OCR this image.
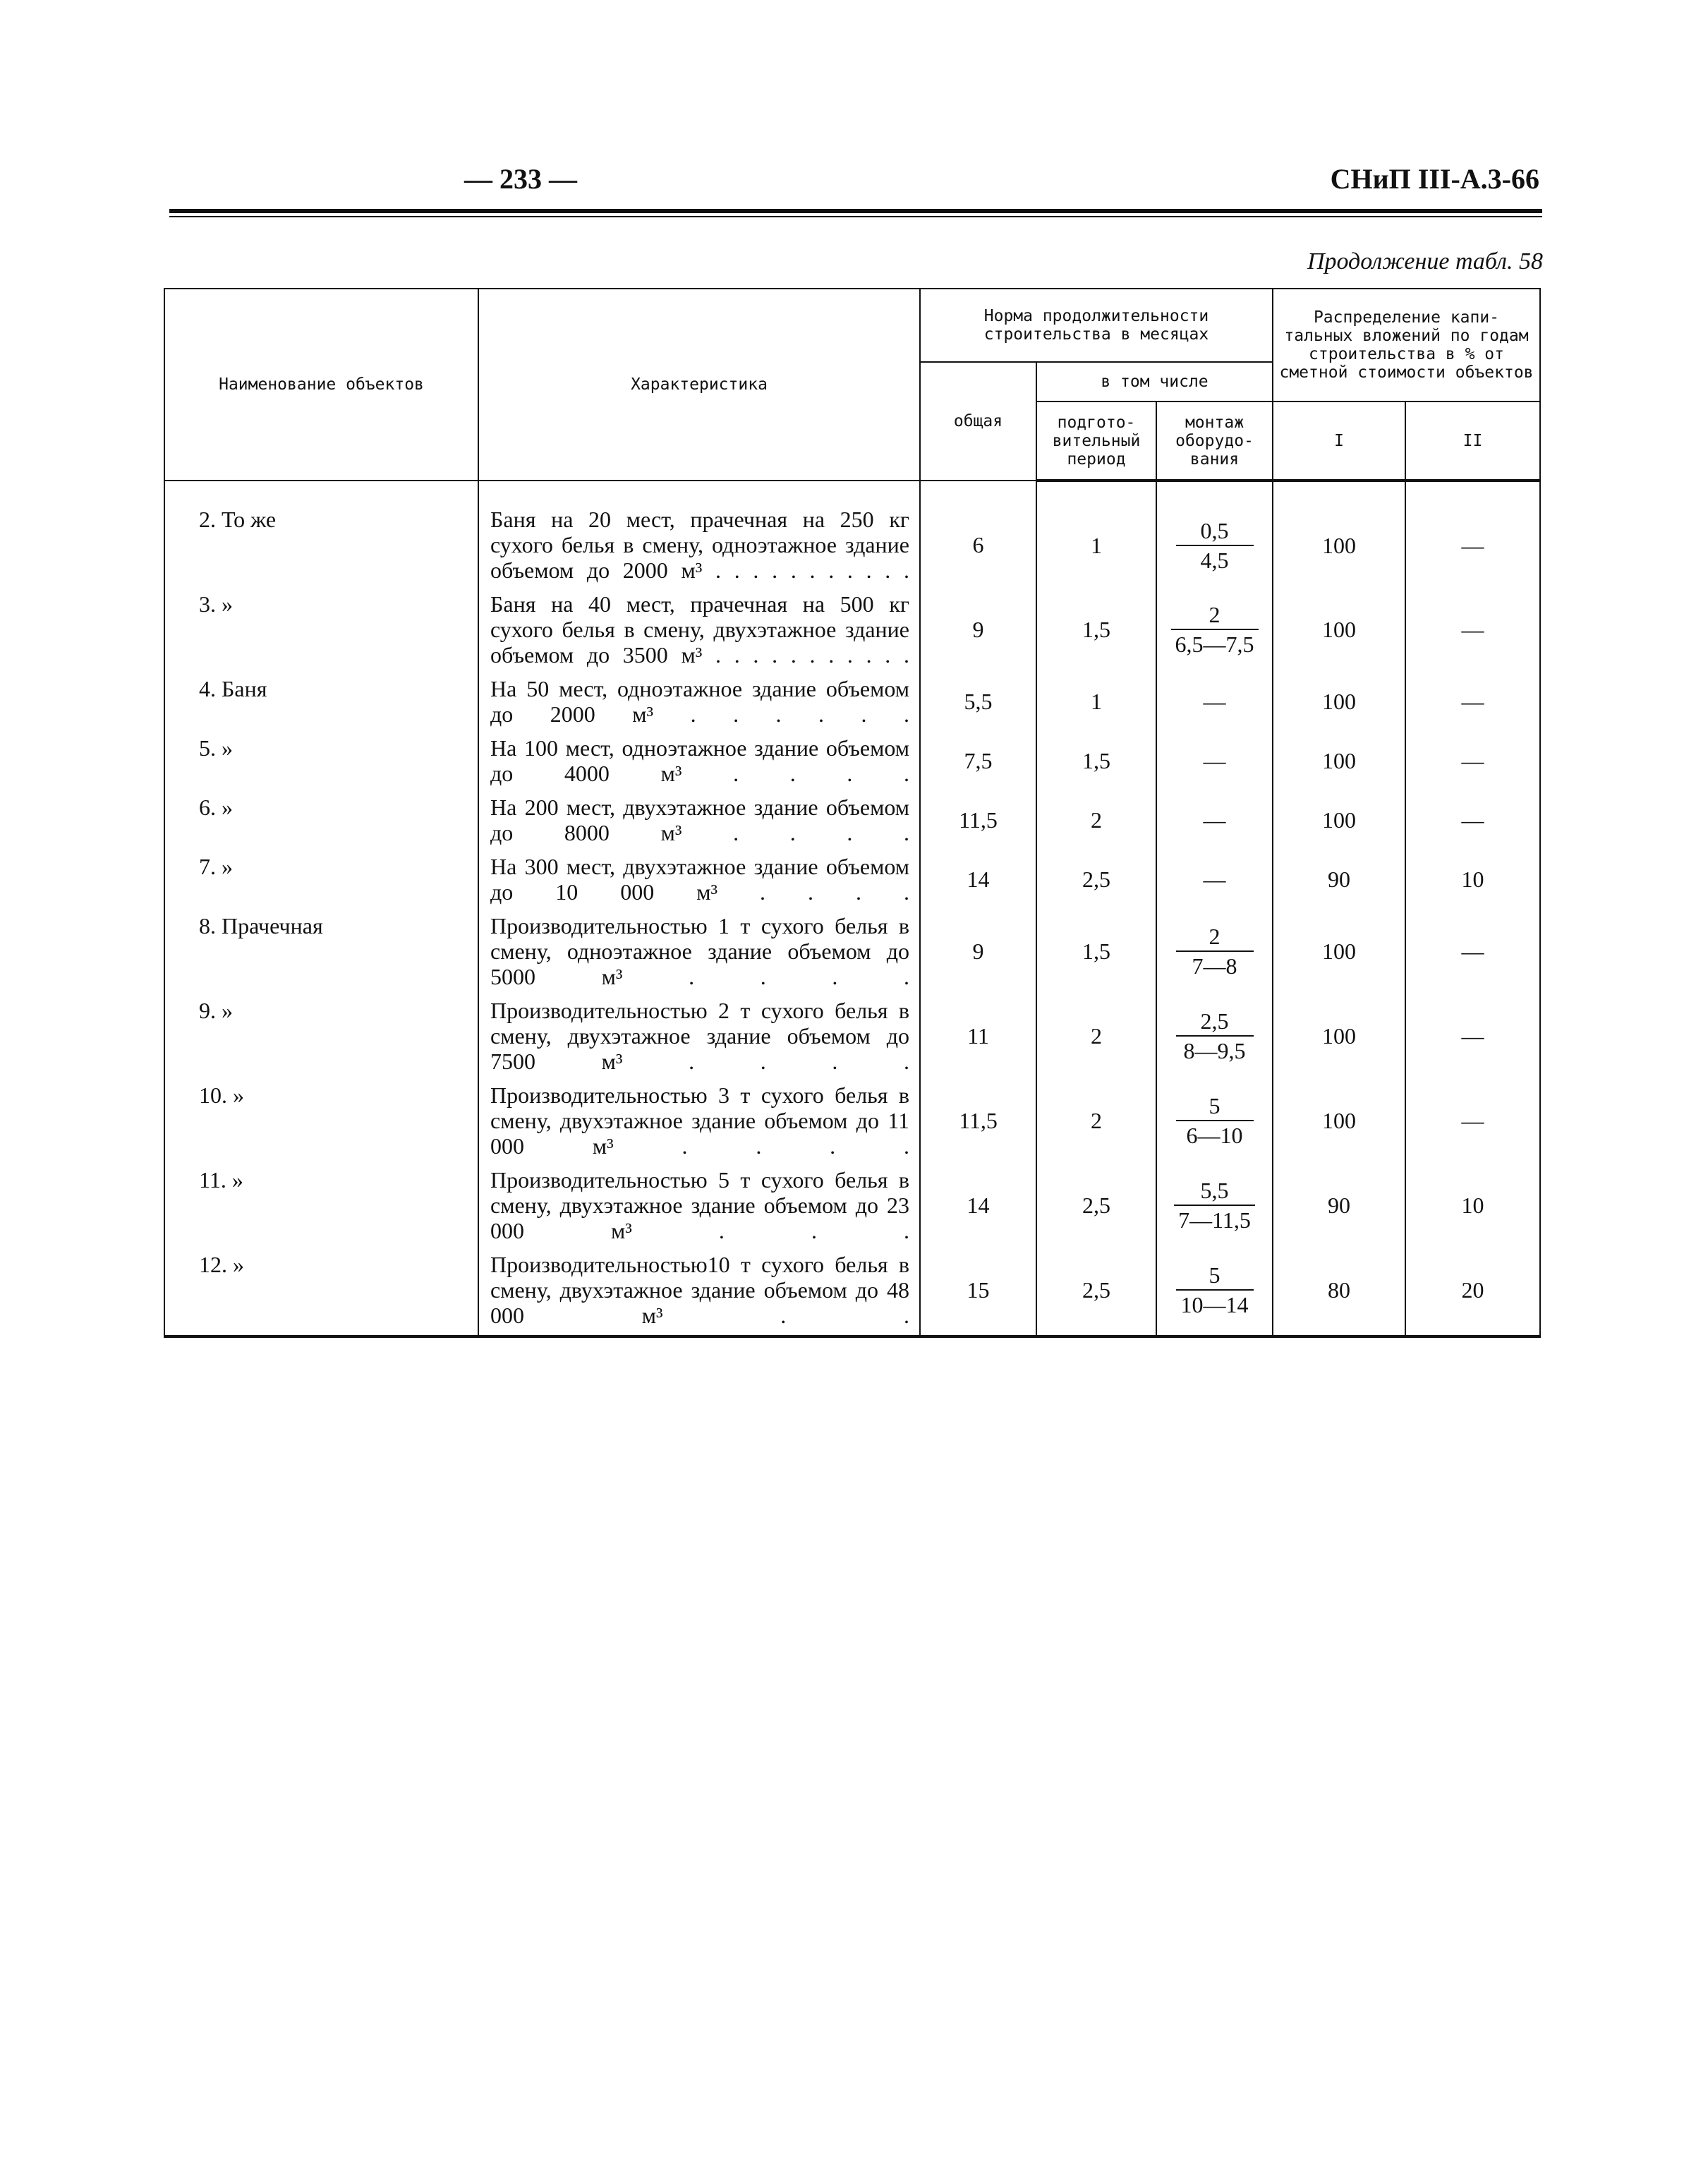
— 233 —	СНиП III-А.3-66
Продолжение табл. 58
Наименование объектов	Характеристика	Норма продолжительности строительства в месяцах			Распределение капи- тальных вложений по годам строительства в % от сметной стоимости объектов	
		общая	в том числе			
			подгото- вительный период	монтаж оборудо- вания	I	II
2. То же	Баня на 20 мест, прачечная на 250 кг сухого белья в смену, одноэтажное здание объемом до 2000 м³ . . . . . . . . . . .	6	1	$\frac{0,5}{4,5}$	100	—
3. »	Баня на 40 мест, прачечная на 500 кг сухого белья в смену, двухэтажное здание объемом до 3500 м³ . . . . . . . . . . .	9	1,5	$\frac{2}{6,5—7,5}$	100	—
4. Баня	На 50 мест, одноэтажное здание объемом до 2000 м³ . . . . . .	5,5	1	—	100	—
5. »	На 100 мест, одноэтажное здание объемом до 4000 м³ . . . .	7,5	1,5	—	100	—
6. »	На 200 мест, двухэтажное здание объемом до 8000 м³ . . . .	11,5	2	—	100	—
7. »	На 300 мест, двухэтажное здание объемом до 10 000 м³ . . . .	14	2,5	—	90	10
8. Прачечная	Производительностью 1 т сухого белья в смену, одноэтажное здание объемом до 5000 м³ . . . .	9	1,5	$\frac{2}{7—8}$	100	—
9. »	Производительностью 2 т сухого белья в смену, двухэтажное здание объемом до 7500 м³ . . . .	11	2	$\frac{2,5}{8—9,5}$	100	—
10. »	Производительностью 3 т сухого белья в смену, двухэтажное здание объемом до 11 000 м³ . . . .	11,5	2	$\frac{5}{6—10}$	100	—
11. »	Производительностью 5 т сухого белья в смену, двухэтажное здание объемом до 23 000 м³ . . .	14	2,5	$\frac{5,5}{7—11,5}$	90	10
12. »	Производительностью10 т сухого белья в смену, двухэтажное здание объемом до 48 000 м³ . .	15	2,5	$\frac{5}{10—14}$	80	20
